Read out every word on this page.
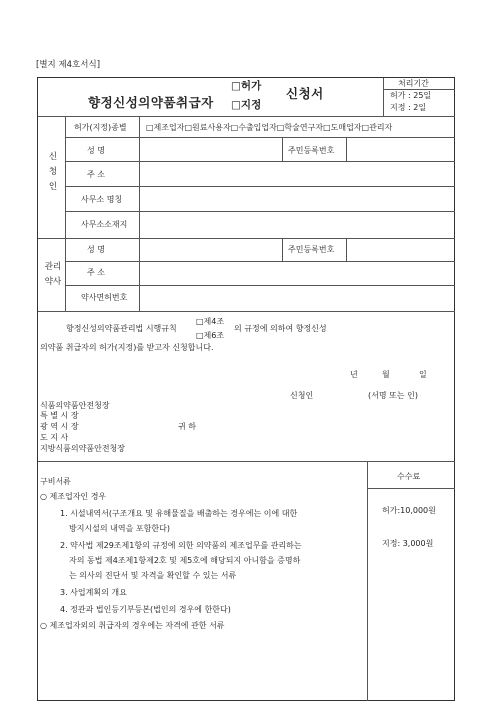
[별지 제4호서식]
향정신성의약품취급자
□허가
□지정
신청서
처리기간
허가 : 25일
지정 : 2일
신
청
인
허가(지정)종별 □제조업자□원료사용자□수출입업자□학술연구자□도매업자□관리자
성 명	주민등록번호
주 소
사무소 명칭
사무소소재지
관리
약사
성 명	주민등록번호
주 소
약사면허번호
향정신성의약품관리법 시행규칙
□제4조
□제6조
의 규정에 의하여 향정신성
의약품 취급자의 허가(지정)를 받고자 신청합니다.
년	월	일
신청인	(서명 또는 인)
식품의약품안전청장
특 별 시 장
광 역 시 장
도 지 사
지방식품의약품안전청장
귀 하
구비서류
○ 제조업자인 경우
1. 시설내역서(구조개요 및 유해물질을 배출하는 경우에는 이에 대한
방지시설의 내역을 포함한다)
2. 약사법 제29조제1항의 규정에 의한 의약품의 제조업무를 관리하는
자의 동법 제4조제1항제2호 및 제5호에 해당되지 아니함을 증명하
는 의사의 진단서 및 자격을 확인할 수 있는 서류
3. 사업계획의 개요
4. 정관과 법인등기부등본(법인의 경우에 한한다)
○ 제조업자외의 취급자의 경우에는 자격에 관한 서류
수수료
허가:10,000원
지정: 3,000원
